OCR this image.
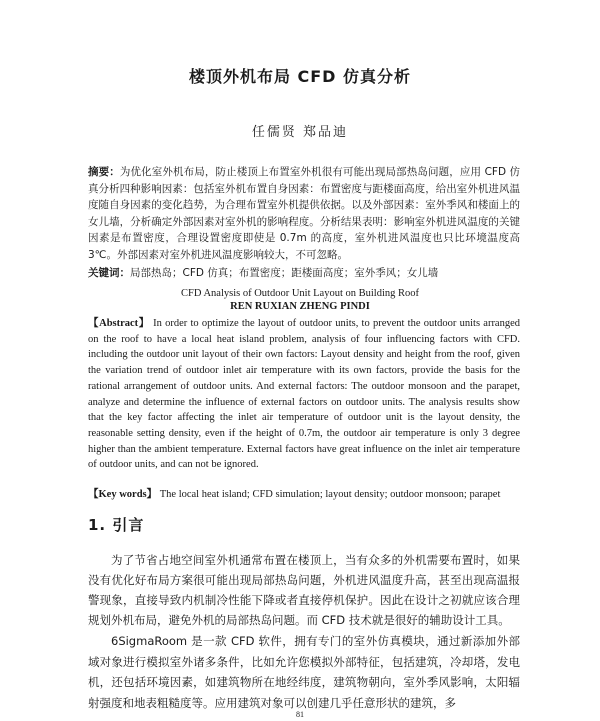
楼顶外机布局 CFD 仿真分析
任儒贤 郑品迪
摘要：为优化室外机布局，防止楼顶上布置室外机很有可能出现局部热岛问题，应用 CFD 仿真分析四种影响因素：包括室外机布置自身因素：布置密度与距楼面高度，给出室外机进风温度随自身因素的变化趋势，为合理布置室外机提供依据。以及外部因素：室外季风和楼面上的女儿墙，分析确定外部因素对室外机的影响程度。分析结果表明：影响室外机进风温度的关键因素是布置密度，合理设置密度即使是 0.7m 的高度，室外机进风温度也只比环境温度高 3℃。外部因素对室外机进风温度影响较大，不可忽略。
关键词：局部热岛；CFD 仿真；布置密度；距楼面高度；室外季风；女儿墙
CFD Analysis of Outdoor Unit Layout on Building Roof
REN RUXIAN ZHENG PINDI
【Abstract】 In order to optimize the layout of outdoor units, to prevent the outdoor units arranged on the roof to have a local heat island problem, analysis of four influencing factors with CFD. including the outdoor unit layout of their own factors: Layout density and height from the roof, given the variation trend of outdoor inlet air temperature with its own factors, provide the basis for the rational arrangement of outdoor units. And external factors: The outdoor monsoon and the parapet, analyze and determine the influence of external factors on outdoor units. The analysis results show that the key factor affecting the inlet air temperature of outdoor unit is the layout density, the reasonable setting density, even if the height of 0.7m, the outdoor air temperature is only 3 degree higher than the ambient temperature. External factors have great influence on the inlet air temperature of outdoor units, and can not be ignored.
【Key words】 The local heat island; CFD simulation; layout density; outdoor monsoon; parapet
1. 引言
为了节省占地空间室外机通常布置在楼顶上，当有众多的外机需要布置时，如果没有优化好布局方案很可能出现局部热岛问题，外机进风温度升高，甚至出现高温报警现象，直接导致内机制冷性能下降或者直接停机保护。因此在设计之初就应该合理规划外机布局，避免外机的局部热岛问题。而 CFD 技术就是很好的辅助设计工具。
6SigmaRoom 是一款 CFD 软件，拥有专门的室外仿真模块，通过新添加外部域对象进行模拟室外诸多条件，比如允许您模拟外部特征，包括建筑，冷却塔，发电机，还包括环境因素，如建筑物所在地经纬度，建筑物朝向，室外季风影响，太阳辐射强度和地表粗糙度等。应用建筑对象可以创建几乎任意形状的建筑，多
81
